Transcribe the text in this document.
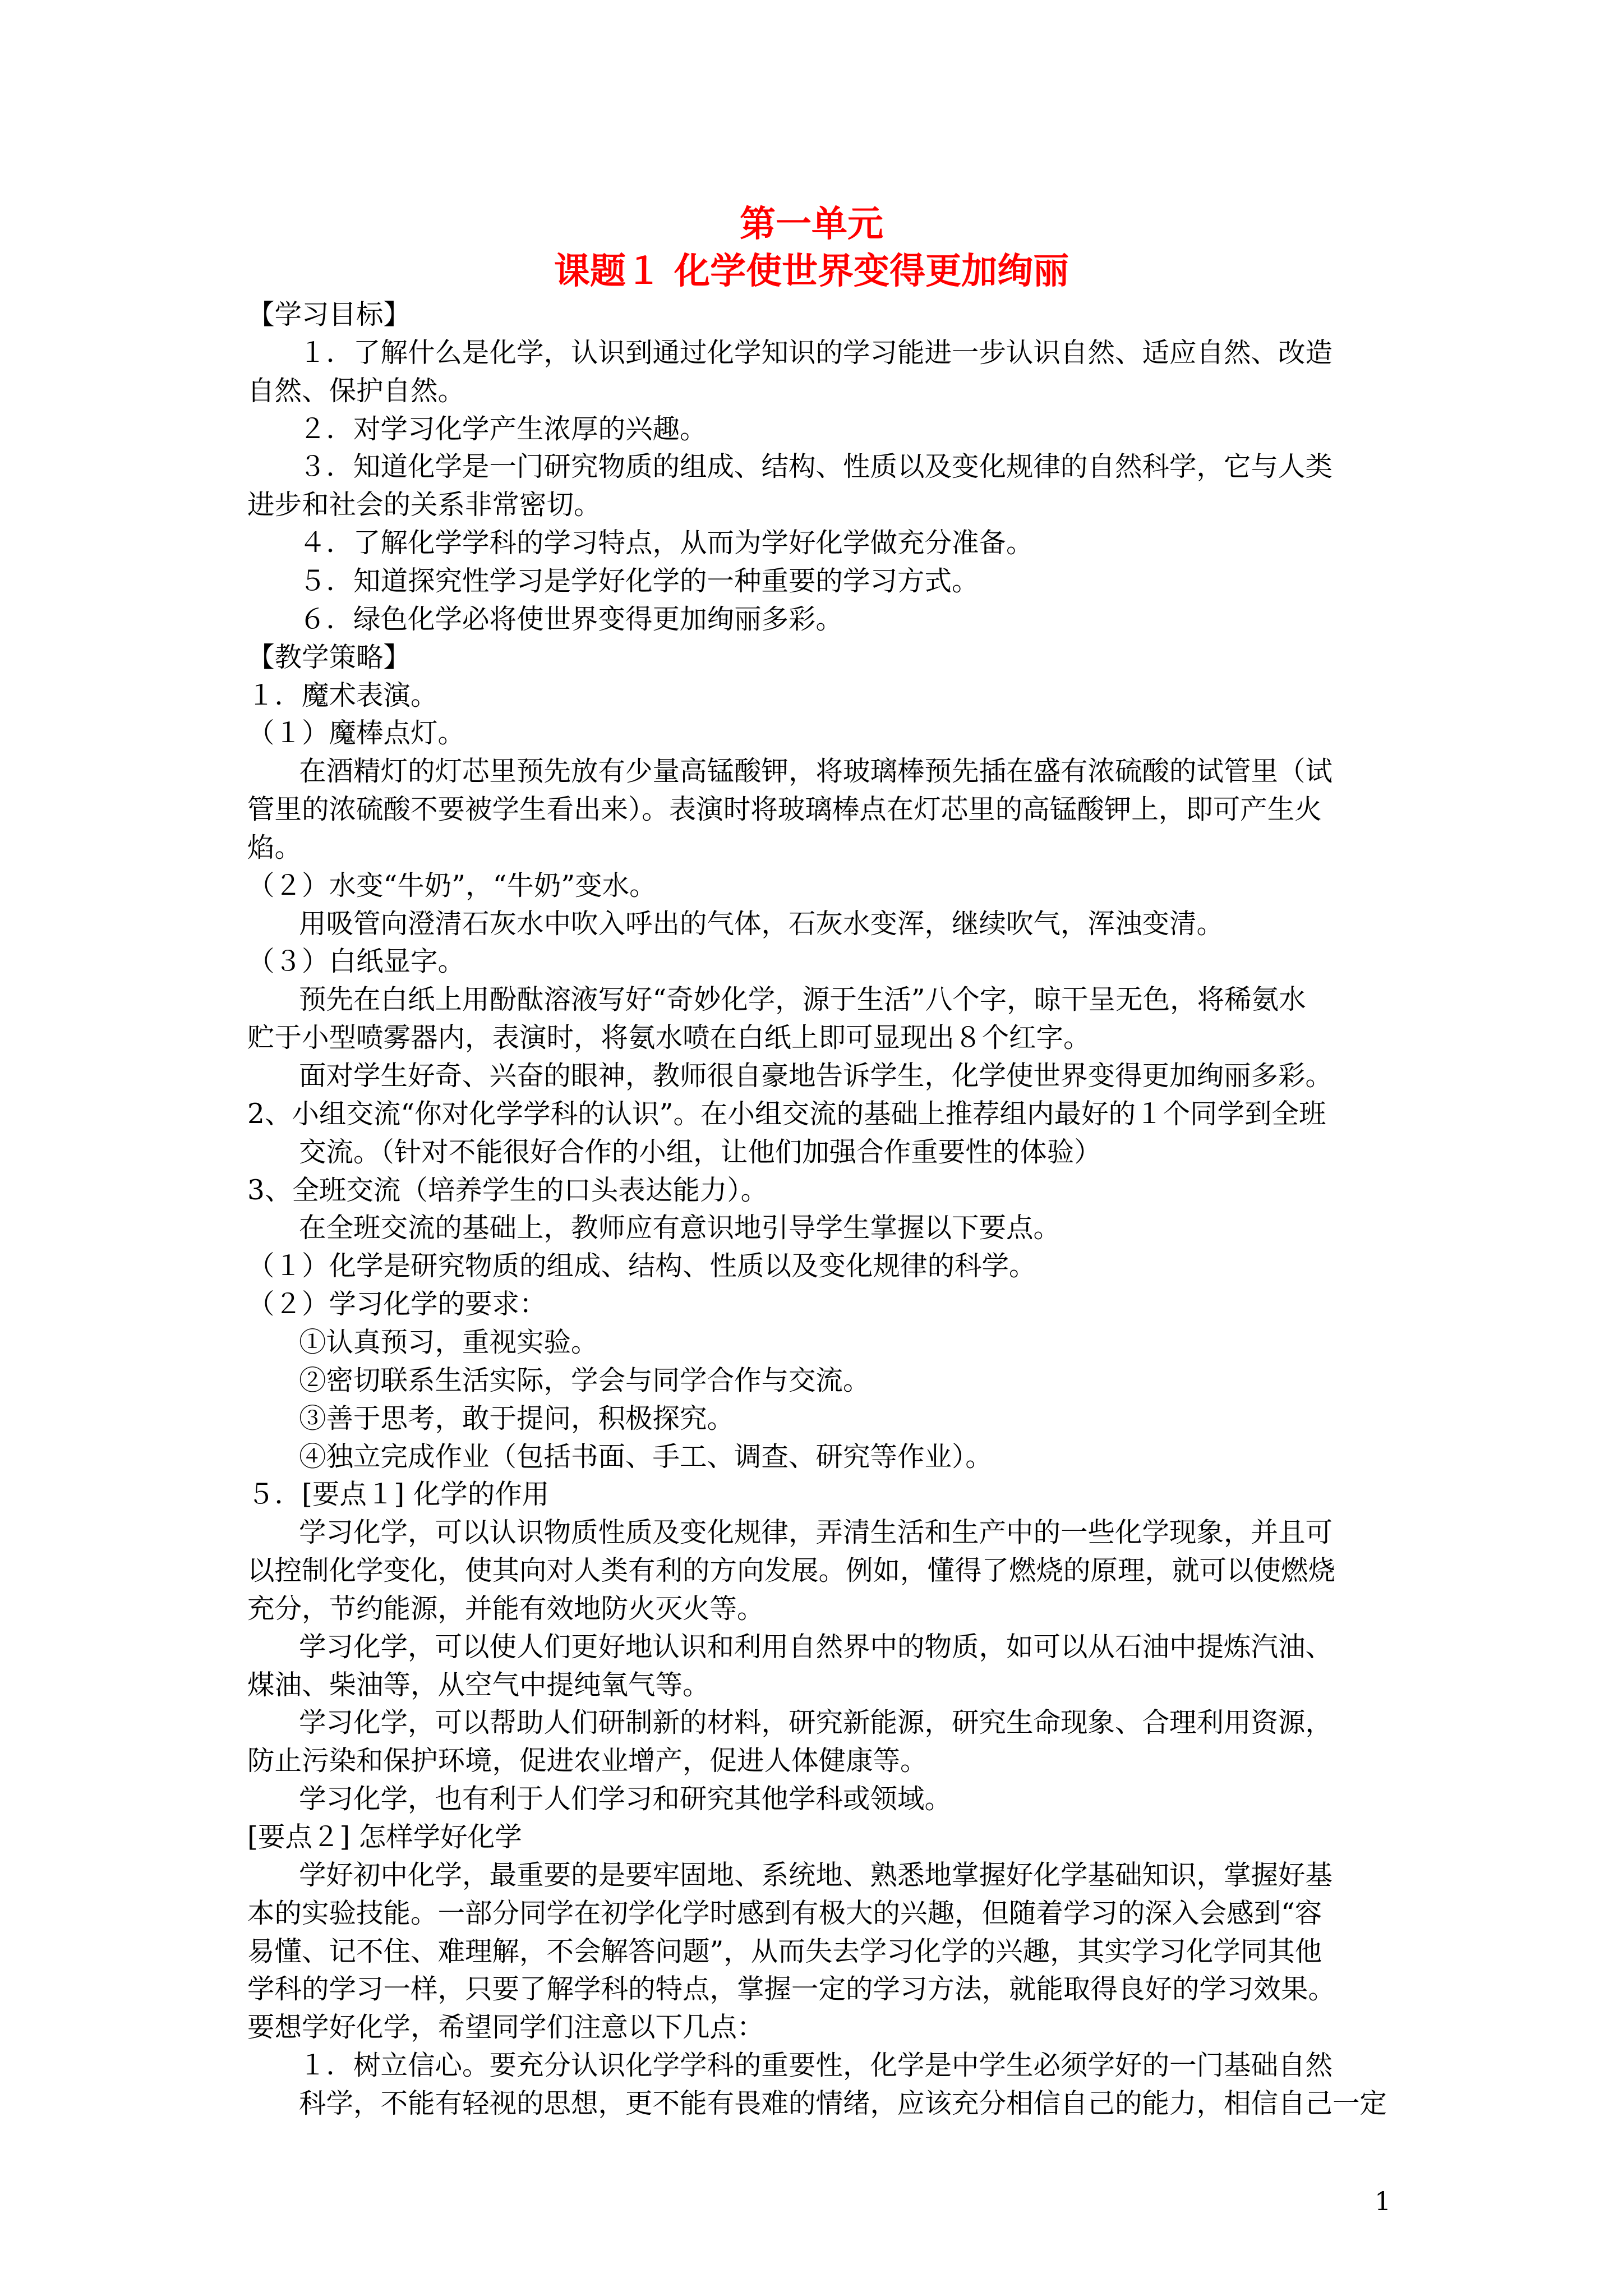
第一单元
课题１ 化学使世界变得更加绚丽
【学习目标】
１．了解什么是化学，认识到通过化学知识的学习能进一步认识自然、适应自然、改造
自然、保护自然。
２．对学习化学产生浓厚的兴趣。
３．知道化学是一门研究物质的组成、结构、性质以及变化规律的自然科学，它与人类
进步和社会的关系非常密切。
４．了解化学学科的学习特点，从而为学好化学做充分准备。
５．知道探究性学习是学好化学的一种重要的学习方式。
６．绿色化学必将使世界变得更加绚丽多彩。
【教学策略】
１．魔术表演。
（１）魔棒点灯。
在酒精灯的灯芯里预先放有少量高锰酸钾，将玻璃棒预先插在盛有浓硫酸的试管里（试
管里的浓硫酸不要被学生看出来）。表演时将玻璃棒点在灯芯里的高锰酸钾上，即可产生火
焰。
（２）水变“牛奶”，“牛奶”变水。
用吸管向澄清石灰水中吹入呼出的气体，石灰水变浑，继续吹气，浑浊变清。
（３）白纸显字。
预先在白纸上用酚酞溶液写好“奇妙化学，源于生活”八个字，晾干呈无色，将稀氨水
贮于小型喷雾器内，表演时，将氨水喷在白纸上即可显现出８个红字。
面对学生好奇、兴奋的眼神，教师很自豪地告诉学生，化学使世界变得更加绚丽多彩。
2、小组交流“你对化学学科的认识”。在小组交流的基础上推荐组内最好的１个同学到全班
交流。（针对不能很好合作的小组，让他们加强合作重要性的体验）
3、全班交流（培养学生的口头表达能力）。
在全班交流的基础上，教师应有意识地引导学生掌握以下要点。
（１）化学是研究物质的组成、结构、性质以及变化规律的科学。
（２）学习化学的要求：
①认真预习，重视实验。
②密切联系生活实际，学会与同学合作与交流。
③善于思考，敢于提问，积极探究。
④独立完成作业（包括书面、手工、调查、研究等作业）。
５．[要点１] 化学的作用
学习化学，可以认识物质性质及变化规律，弄清生活和生产中的一些化学现象，并且可
以控制化学变化，使其向对人类有利的方向发展。例如，懂得了燃烧的原理，就可以使燃烧
充分，节约能源，并能有效地防火灭火等。
学习化学，可以使人们更好地认识和利用自然界中的物质，如可以从石油中提炼汽油、
煤油、柴油等，从空气中提纯氧气等。
学习化学，可以帮助人们研制新的材料，研究新能源，研究生命现象、合理利用资源，
防止污染和保护环境，促进农业增产，促进人体健康等。
学习化学，也有利于人们学习和研究其他学科或领域。
[要点２] 怎样学好化学
学好初中化学，最重要的是要牢固地、系统地、熟悉地掌握好化学基础知识，掌握好基
本的实验技能。一部分同学在初学化学时感到有极大的兴趣，但随着学习的深入会感到“容
易懂、记不住、难理解，不会解答问题”，从而失去学习化学的兴趣，其实学习化学同其他
学科的学习一样，只要了解学科的特点，掌握一定的学习方法，就能取得良好的学习效果。
要想学好化学，希望同学们注意以下几点：
１．树立信心。要充分认识化学学科的重要性，化学是中学生必须学好的一门基础自然
科学，不能有轻视的思想，更不能有畏难的情绪，应该充分相信自己的能力，相信自己一定
1
